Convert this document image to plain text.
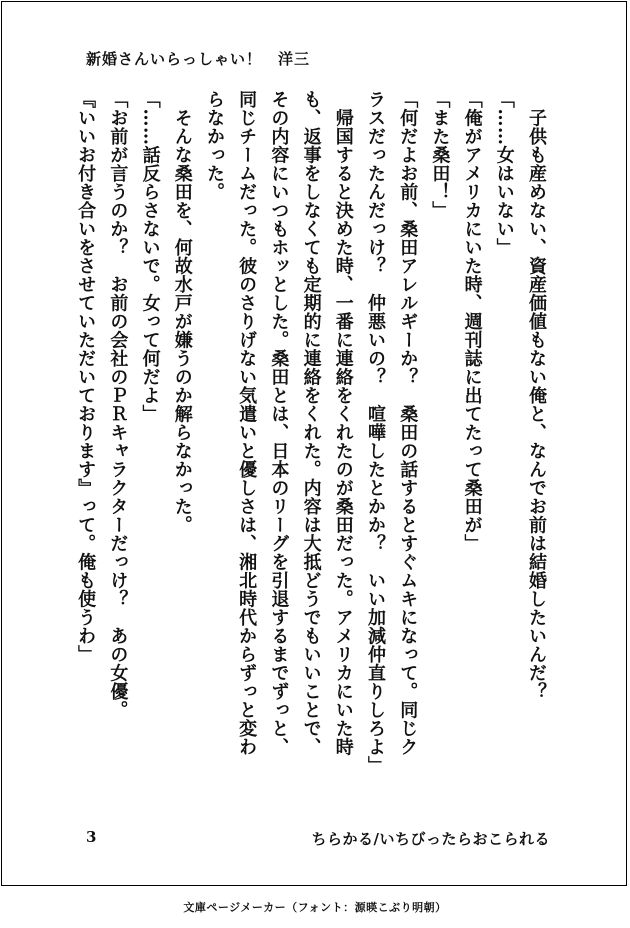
新婚さんいらっしゃい！ 洋三

　子供も産めない、資産価値もない俺と、なんでお前は結婚したいんだ？

「……女はいない」

「俺がアメリカにいた時、週刊誌に出てたって桑田が」

「また桑田！」

「何だよお前、桑田アレルギーか？　桑田の話するとすぐムキになって。同じク

ラスだったんだっけ？　仲悪いの？　喧嘩したとかか？　いい加減仲直りしろよ」

　帰国すると決めた時、一番に連絡をくれたのが桑田だった。アメリカにいた時

も、返事をしなくても定期的に連絡をくれた。内容は大抵どうでもいいことで、

その内容にいつもホッとした。桑田とは、日本のリーグを引退するまでずっと、

同じチームだった。彼のさりげない気遣いと優しさは、湘北時代からずっと変わ

らなかった。

　そんな桑田を、何故水戸が嫌うのか解らなかった。

「……話反らさないで。女って何だよ」

「お前が言うのか？　お前の会社のＰＲキャラクターだっけ？　あの女優。

『いいお付き合いをさせていただいております』って。俺も使うわ」

3	ちらかる/いちびったらおこられる
文庫ページメーカー（フォント：源暎こぶり明朝）
